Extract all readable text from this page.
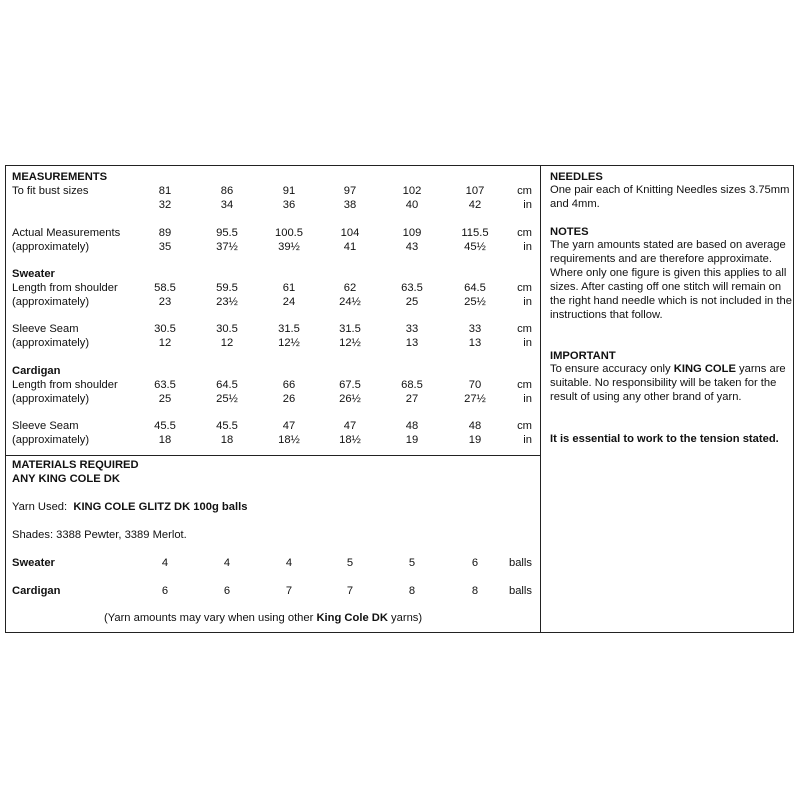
MEASUREMENTS
To fit bust sizes	81	86	91	97	102	107	cm
32	34	36	38	40	42	in
Actual Measurements	89	95.5	100.5	104	109	115.5	cm
(approximately)	35	37½	39½	41	43	45½	in
Sweater
Length from shoulder	58.5	59.5	61	62	63.5	64.5	cm
(approximately)	23	23½	24	24½	25	25½	in
Sleeve Seam	30.5	30.5	31.5	31.5	33	33	cm
(approximately)	12	12	12½	12½	13	13	in
Cardigan
Length from shoulder	63.5	64.5	66	67.5	68.5	70	cm
(approximately)	25	25½	26	26½	27	27½	in
Sleeve Seam	45.5	45.5	47	47	48	48	cm
(approximately)	18	18	18½	18½	19	19	in
MATERIALS REQUIRED
ANY KING COLE DK
Yarn Used:  KING COLE GLITZ DK 100g balls
Shades: 3388 Pewter, 3389 Merlot.
Sweater	4	4	4	5	5	6	balls
Cardigan	6	6	7	7	8	8	balls
(Yarn amounts may vary when using other King Cole DK yarns)
NEEDLES
One pair each of Knitting Needles sizes 3.75mm and 4mm.
NOTES
The yarn amounts stated are based on average requirements and are therefore approximate. Where only one figure is given this applies to all sizes. After casting off one stitch will remain on the right hand needle which is not included in the instructions that follow.
IMPORTANT
To ensure accuracy only KING COLE yarns are suitable. No responsibility will be taken for the result of using any other brand of yarn.
It is essential to work to the tension stated.
